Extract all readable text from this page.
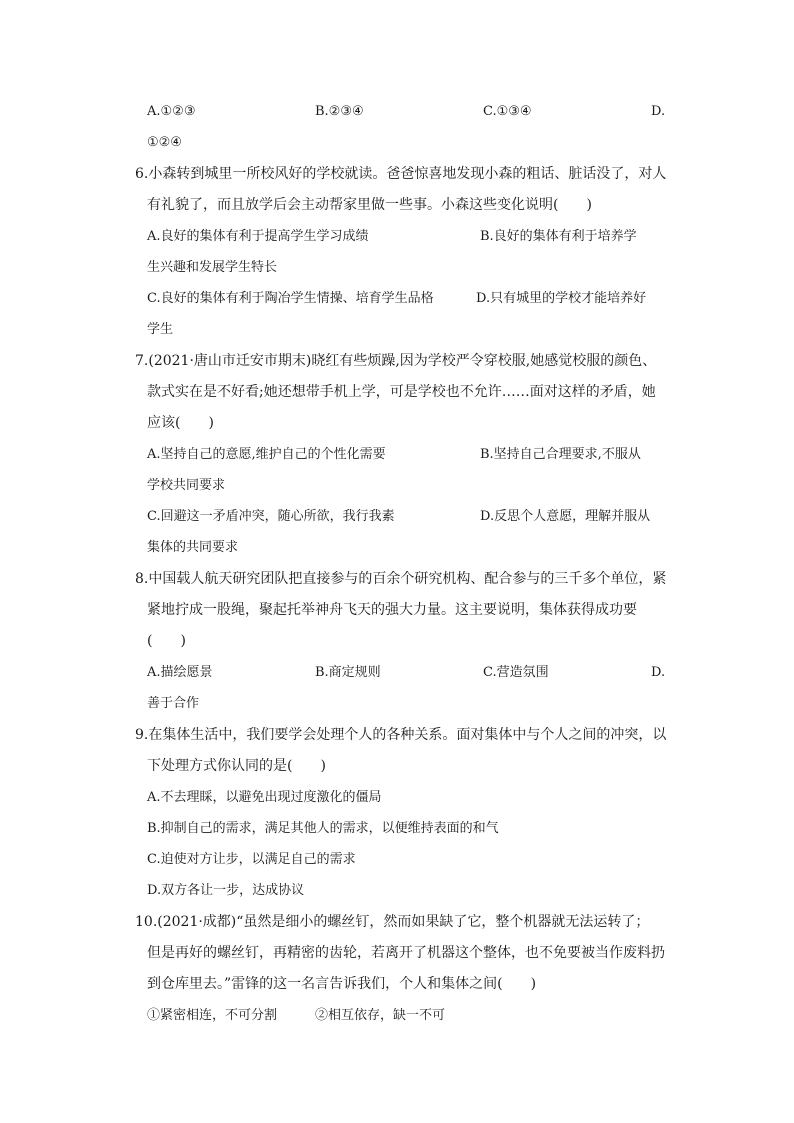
A.①②③	B.②③④	C.①③④	D.
①②④
6.小森转到城里一所校风好的学校就读。爸爸惊喜地发现小森的粗话、脏话没了，对人
有礼貌了，而且放学后会主动帮家里做一些事。小森这些变化说明(　　)
A.良好的集体有利于提高学生学习成绩	B.良好的集体有利于培养学
生兴趣和发展学生特长
C.良好的集体有利于陶冶学生情操、培育学生品格	D.只有城里的学校才能培养好
学生
7.(2021·唐山市迁安市期末)晓红有些烦躁,因为学校严令穿校服,她感觉校服的颜色、
款式实在是不好看;她还想带手机上学，可是学校也不允许……面对这样的矛盾，她
应该(　　)
A.坚持自己的意愿,维护自己的个性化需要	B.坚持自己合理要求,不服从
学校共同要求
C.回避这一矛盾冲突，随心所欲，我行我素	D.反思个人意愿，理解并服从
集体的共同要求
8.中国载人航天研究团队把直接参与的百余个研究机构、配合参与的三千多个单位，紧
紧地拧成一股绳，聚起托举神舟飞天的强大力量。这主要说明，集体获得成功要
(　　)
A.描绘愿景	B.商定规则	C.营造氛围	D.
善于合作
9.在集体生活中，我们要学会处理个人的各种关系。面对集体中与个人之间的冲突，以
下处理方式你认同的是(　　)
A.不去理睬，以避免出现过度激化的僵局
B.抑制自己的需求，满足其他人的需求，以便维持表面的和气
C.迫使对方让步，以满足自己的需求
D.双方各让一步，达成协议
10.(2021·成都)“虽然是细小的螺丝钉，然而如果缺了它，整个机器就无法运转了；
但是再好的螺丝钉，再精密的齿轮，若离开了机器这个整体，也不免要被当作废料扔
到仓库里去。”雷锋的这一名言告诉我们，个人和集体之间(　　)
①紧密相连，不可分割	②相互依存，缺一不可
